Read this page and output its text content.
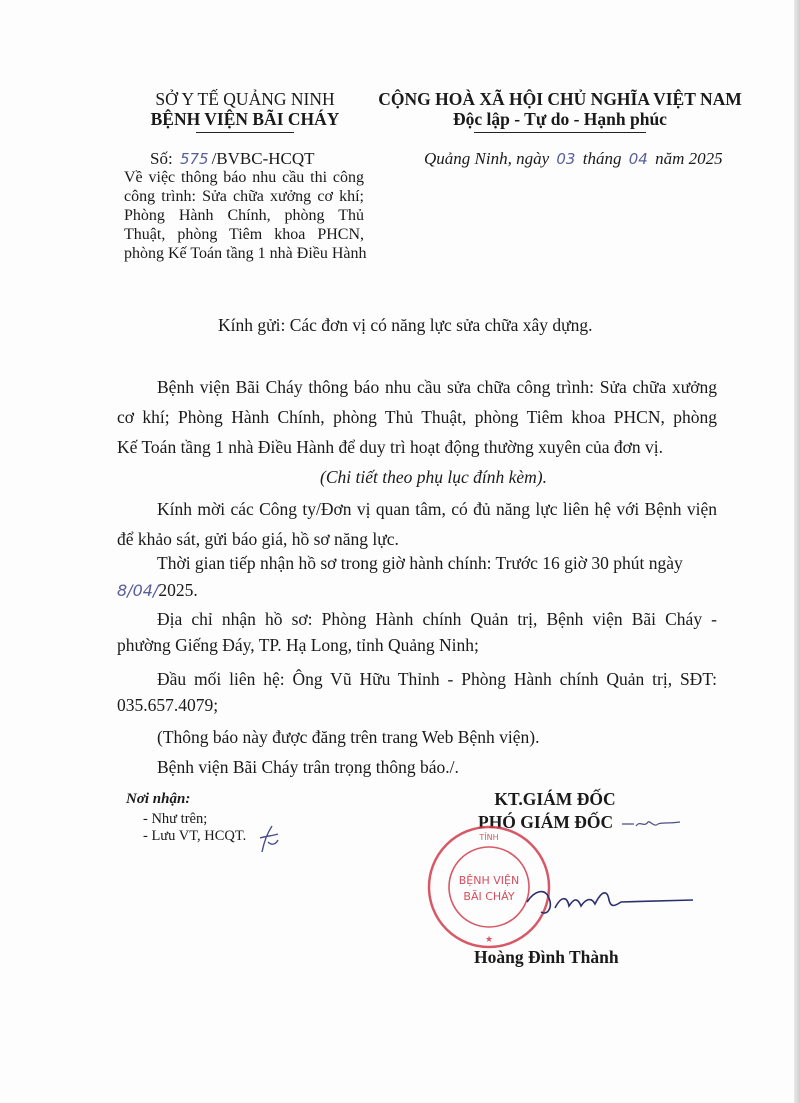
SỞ Y TẾ QUẢNG NINH
BỆNH VIỆN BÃI CHÁY
Số: 575 /BVBC-HCQT
Về việc thông báo nhu cầu thi công
công trình: Sửa chữa xưởng cơ khí;
Phòng Hành Chính, phòng Thủ
Thuật, phòng Tiêm khoa PHCN,
phòng Kế Toán tầng 1 nhà Điều Hành
CỘNG HOÀ XÃ HỘI CHỦ NGHĨA VIỆT NAM
Độc lập - Tự do - Hạnh phúc
Quảng Ninh, ngày 03 tháng 04 năm 2025
Kính gửi: Các đơn vị có năng lực sửa chữa xây dựng.
Bệnh viện Bãi Cháy thông báo nhu cầu sửa chữa công trình: Sửa chữa xưởng
cơ khí; Phòng Hành Chính, phòng Thủ Thuật, phòng Tiêm khoa PHCN, phòng
Kế Toán tầng 1 nhà Điều Hành để duy trì hoạt động thường xuyên của đơn vị.
(Chi tiết theo phụ lục đính kèm).
Kính mời các Công ty/Đơn vị quan tâm, có đủ năng lực liên hệ với Bệnh viện
để khảo sát, gửi báo giá, hồ sơ năng lực.
Thời gian tiếp nhận hồ sơ trong giờ hành chính: Trước 16 giờ 30 phút ngày
8/04/2025.
Địa chỉ nhận hồ sơ: Phòng Hành chính Quản trị, Bệnh viện Bãi Cháy -
phường Giếng Đáy, TP. Hạ Long, tỉnh Quảng Ninh;
Đầu mối liên hệ: Ông Vũ Hữu Thỉnh - Phòng Hành chính Quản trị, SĐT:
035.657.4079;
(Thông báo này được đăng trên trang Web Bệnh viện).
Bệnh viện Bãi Cháy trân trọng thông báo./.
Nơi nhận:
- Như trên;
- Lưu VT, HCQT.
KT.GIÁM ĐỐC
PHÓ GIÁM ĐỐC
TỈNH
★
BỆNH VIỆN
BÃI CHÁY
Hoàng Đình Thành
